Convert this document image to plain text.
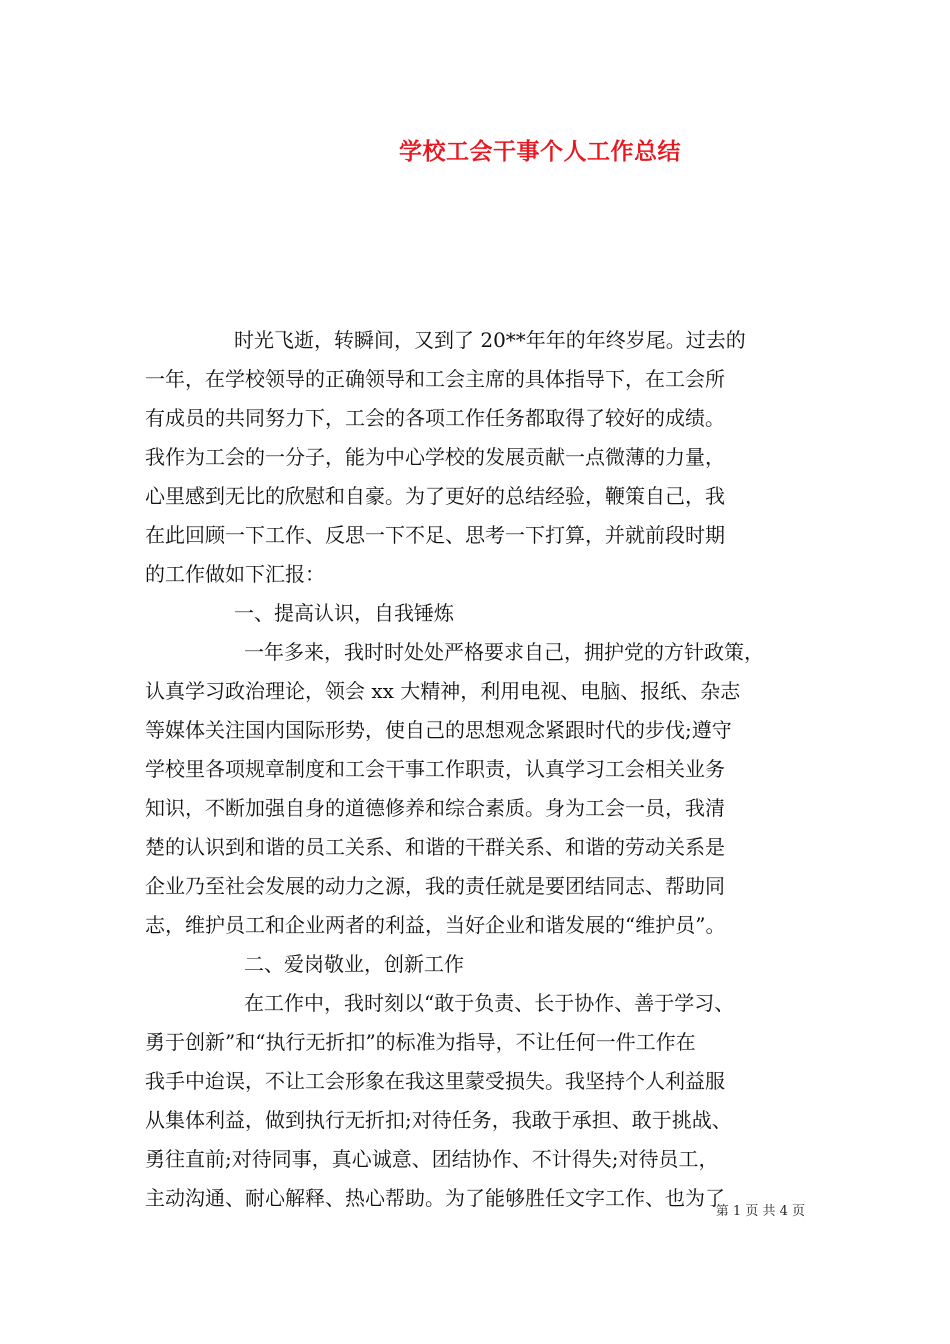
学校工会干事个人工作总结
时光飞逝，转瞬间，又到了 20**年年的年终岁尾。过去的
一年，在学校领导的正确领导和工会主席的具体指导下，在工会所
有成员的共同努力下，工会的各项工作任务都取得了较好的成绩。
我作为工会的一分子，能为中心学校的发展贡献一点微薄的力量，
心里感到无比的欣慰和自豪。为了更好的总结经验，鞭策自己，我
在此回顾一下工作、反思一下不足、思考一下打算，并就前段时期
的工作做如下汇报：
一、提高认识，自我锤炼
一年多来，我时时处处严格要求自己，拥护党的方针政策，
认真学习政治理论，领会 xx 大精神，利用电视、电脑、报纸、杂志
等媒体关注国内国际形势，使自己的思想观念紧跟时代的步伐;遵守
学校里各项规章制度和工会干事工作职责，认真学习工会相关业务
知识，不断加强自身的道德修养和综合素质。身为工会一员，我清
楚的认识到和谐的员工关系、和谐的干群关系、和谐的劳动关系是
企业乃至社会发展的动力之源，我的责任就是要团结同志、帮助同
志，维护员工和企业两者的利益，当好企业和谐发展的“维护员”。
二、爱岗敬业，创新工作
在工作中，我时刻以“敢于负责、长于协作、善于学习、
勇于创新”和“执行无折扣”的标准为指导，不让任何一件工作在
我手中迨误，不让工会形象在我这里蒙受损失。我坚持个人利益服
从集体利益，做到执行无折扣;对待任务，我敢于承担、敢于挑战、
勇往直前;对待同事，真心诚意、团结协作、不计得失;对待员工，
主动沟通、耐心解释、热心帮助。为了能够胜任文字工作、也为了
第 1 页 共 4 页
